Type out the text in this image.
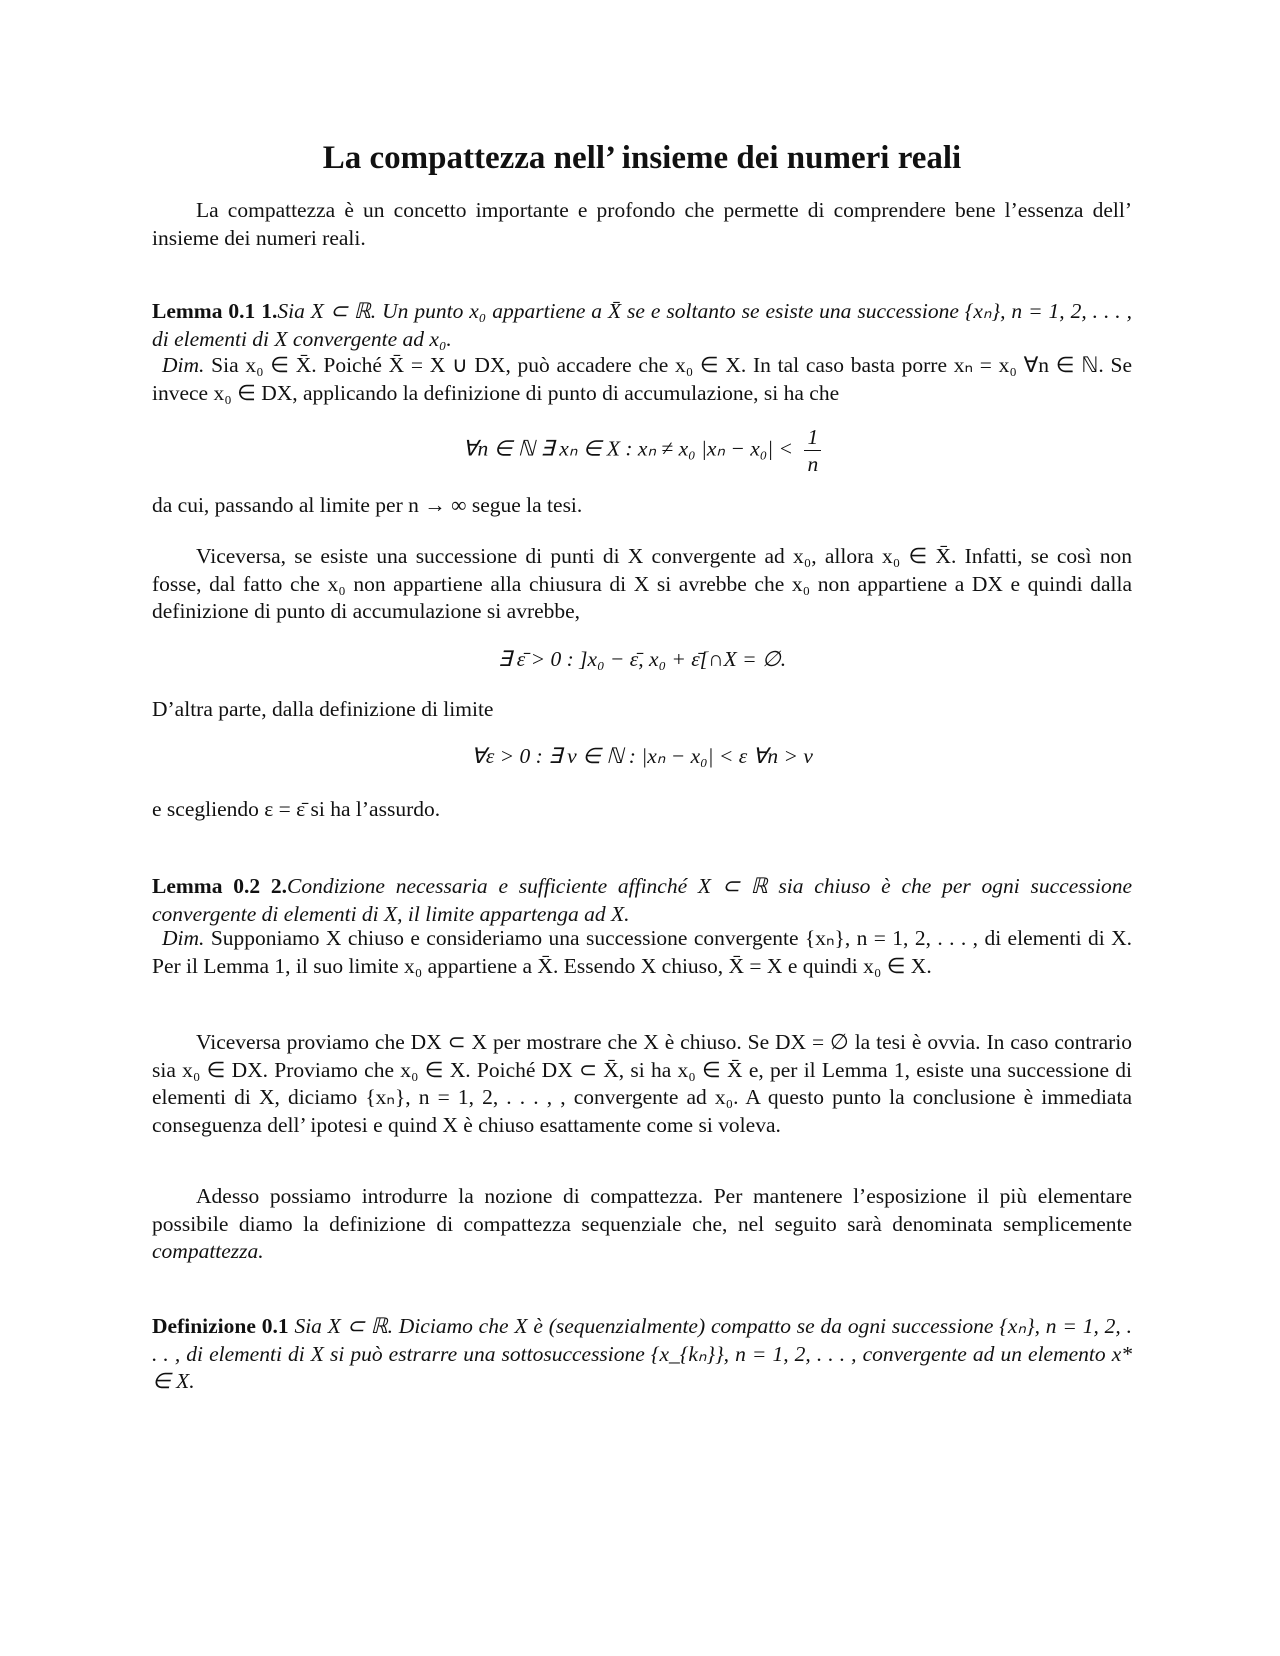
La compattezza nell’ insieme dei numeri reali
La compattezza è un concetto importante e profondo che permette di comprendere bene l’essenza dell’ insieme dei numeri reali.
Lemma 0.1 1.Sia X ⊂ ℝ. Un punto x₀ appartiene a X̄ se e soltanto se esiste una successione {xₙ}, n = 1, 2, . . . , di elementi di X convergente ad x₀.
Dim. Sia x₀ ∈ X̄. Poiché X̄ = X ∪ DX, può accadere che x₀ ∈ X. In tal caso basta porre xₙ = x₀ ∀n ∈ ℕ. Se invece x₀ ∈ DX, applicando la definizione di punto di accumulazione, si ha che
∀n ∈ ℕ ∃ xₙ ∈ X : xₙ ≠ x₀ $|x_n - x_0| < \frac{1}{n}$
da cui, passando al limite per n → ∞ segue la tesi.
Viceversa, se esiste una successione di punti di X convergente ad x₀, allora x₀ ∈ X̄. Infatti, se così non fosse, dal fatto che x₀ non appartiene alla chiusura di X si avrebbe che x₀ non appartiene a DX e quindi dalla definizione di punto di accumulazione si avrebbe,
∃ ε̄ > 0 : ]x₀ − ε̄, x₀ + ε̄[∩X = ∅.
D’altra parte, dalla definizione di limite
∀ε > 0 : ∃ ν ∈ ℕ : |xₙ − x₀| < ε ∀n > ν
e scegliendo ε = ε̄ si ha l’assurdo.
Lemma 0.2 2.Condizione necessaria e sufficiente affinché X ⊂ ℝ sia chiuso è che per ogni successione convergente di elementi di X, il limite appartenga ad X.
Dim. Supponiamo X chiuso e consideriamo una successione convergente {xₙ}, n = 1, 2, . . . , di elementi di X. Per il Lemma 1, il suo limite x₀ appartiene a X̄. Essendo X chiuso, X̄ = X e quindi x₀ ∈ X.
Viceversa proviamo che DX ⊂ X per mostrare che X è chiuso. Se DX = ∅ la tesi è ovvia. In caso contrario sia x₀ ∈ DX. Proviamo che x₀ ∈ X. Poiché DX ⊂ X̄, si ha x₀ ∈ X̄ e, per il Lemma 1, esiste una successione di elementi di X, diciamo {xₙ}, n = 1, 2, . . . , , convergente ad x₀. A questo punto la conclusione è immediata conseguenza dell’ ipotesi e quind X è chiuso esattamente come si voleva.
Adesso possiamo introdurre la nozione di compattezza. Per mantenere l’esposizione il più elementare possibile diamo la definizione di compattezza sequenziale che, nel seguito sarà denominata semplicemente compattezza.
Definizione 0.1 Sia X ⊂ ℝ. Diciamo che X è (sequenzialmente) compatto se da ogni successione {xₙ}, n = 1, 2, . . . , di elementi di X si può estrarre una sottosuccessione {x_{kₙ}}, n = 1, 2, . . . , convergente ad un elemento x* ∈ X.
